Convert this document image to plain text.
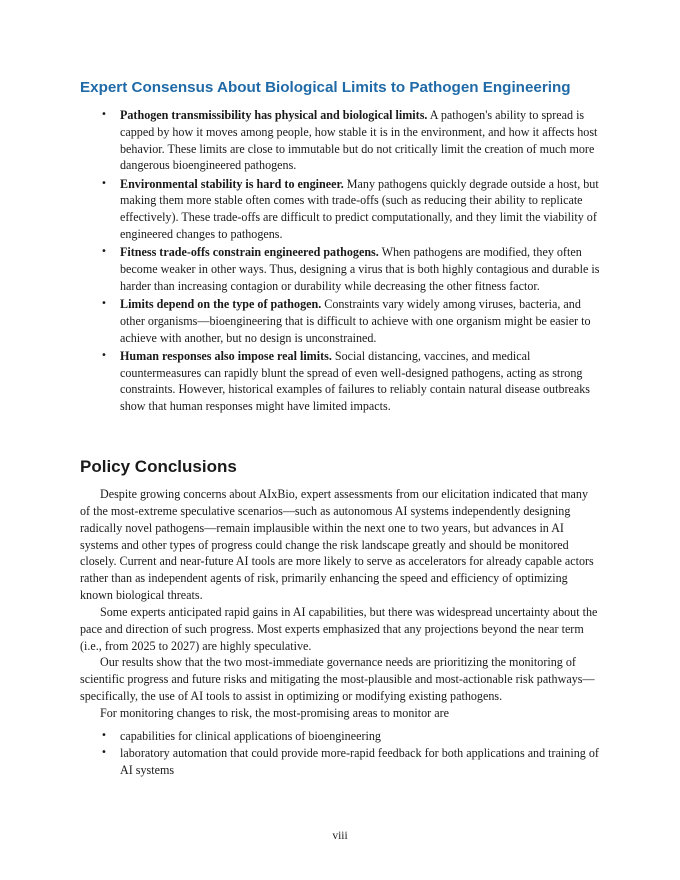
Expert Consensus About Biological Limits to Pathogen Engineering
•	Pathogen transmissibility has physical and biological limits. A pathogen's ability to spread is capped by how it moves among people, how stable it is in the environment, and how it affects host behavior. These limits are close to immutable but do not critically limit the creation of much more dangerous bioengineered pathogens.
•	Environmental stability is hard to engineer. Many pathogens quickly degrade outside a host, but making them more stable often comes with trade-offs (such as reducing their ability to replicate effectively). These trade-offs are difficult to predict computationally, and they limit the viability of engineered changes to pathogens.
•	Fitness trade-offs constrain engineered pathogens. When pathogens are modified, they often become weaker in other ways. Thus, designing a virus that is both highly contagious and durable is harder than increasing contagion or durability while decreasing the other fitness factor.
•	Limits depend on the type of pathogen. Constraints vary widely among viruses, bacteria, and other organisms—bioengineering that is difficult to achieve with one organism might be easier to achieve with another, but no design is unconstrained.
•	Human responses also impose real limits. Social distancing, vaccines, and medical countermeasures can rapidly blunt the spread of even well-designed pathogens, acting as strong constraints. However, historical examples of failures to reliably contain natural disease outbreaks show that human responses might have limited impacts.
Policy Conclusions

Despite growing concerns about AIxBio, expert assessments from our elicitation indicated that many of the most-extreme speculative scenarios—such as autonomous AI systems independently designing radically novel pathogens—remain implausible within the next one to two years, but advances in AI systems and other types of progress could change the risk landscape greatly and should be monitored closely. Current and near-future AI tools are more likely to serve as accelerators for already capable actors rather than as independent agents of risk, primarily enhancing the speed and efficiency of optimizing known biological threats.

Some experts anticipated rapid gains in AI capabilities, but there was widespread uncertainty about the pace and direction of such progress. Most experts emphasized that any projections beyond the near term (i.e., from 2025 to 2027) are highly speculative.

Our results show that the two most-immediate governance needs are prioritizing the monitoring of scientific progress and future risks and mitigating the most-plausible and most-actionable risk pathways—specifically, the use of AI tools to assist in optimizing or modifying existing pathogens.

For monitoring changes to risk, the most-promising areas to monitor are

•	capabilities for clinical applications of bioengineering
•	laboratory automation that could provide more-rapid feedback for both applications and training of AI systems
viii
